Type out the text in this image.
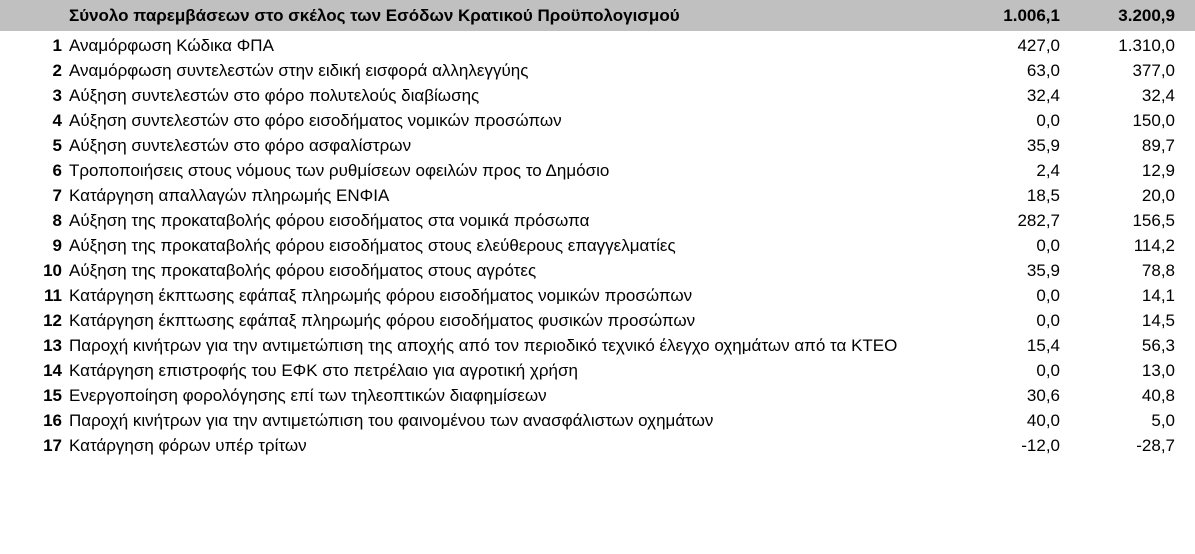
Σύνολο παρεμβάσεων στο σκέλος των Εσόδων Κρατικού Προϋπολογισμού	1.006,1	3.200,9
1 Αναμόρφωση Κώδικα ΦΠΑ	427,0	1.310,0
2 Αναμόρφωση συντελεστών στην ειδική εισφορά αλληλεγγύης	63,0	377,0
3 Αύξηση συντελεστών στο φόρο πολυτελούς διαβίωσης	32,4	32,4
4 Αύξηση συντελεστών στο φόρο εισοδήματος νομικών προσώπων	0,0	150,0
5 Αύξηση συντελεστών στο φόρο ασφαλίστρων	35,9	89,7
6 Τροποποιήσεις στους νόμους των ρυθμίσεων οφειλών προς το Δημόσιο	2,4	12,9
7 Κατάργηση απαλλαγών πληρωμής ΕΝΦΙΑ	18,5	20,0
8 Αύξηση της προκαταβολής φόρου εισοδήματος στα νομικά πρόσωπα	282,7	156,5
9 Αύξηση της προκαταβολής φόρου εισοδήματος στους ελεύθερους επαγγελματίες	0,0	114,2
10 Αύξηση της προκαταβολής φόρου εισοδήματος στους αγρότες	35,9	78,8
11 Κατάργηση έκπτωσης εφάπαξ πληρωμής φόρου εισοδήματος νομικών προσώπων	0,0	14,1
12 Κατάργηση έκπτωσης εφάπαξ πληρωμής φόρου εισοδήματος φυσικών προσώπων	0,0	14,5
13 Παροχή κινήτρων για την αντιμετώπιση της αποχής από τον περιοδικό τεχνικό έλεγχο οχημάτων από τα ΚΤΕΟ	15,4	56,3
14 Κατάργηση επιστροφής του ΕΦΚ στο πετρέλαιο για αγροτική χρήση	0,0	13,0
15 Ενεργοποίηση φορολόγησης επί των τηλεοπτικών διαφημίσεων	30,6	40,8
16 Παροχή κινήτρων για την αντιμετώπιση του φαινομένου των ανασφάλιστων οχημάτων	40,0	5,0
17 Κατάργηση φόρων υπέρ τρίτων	-12,0	-28,7
